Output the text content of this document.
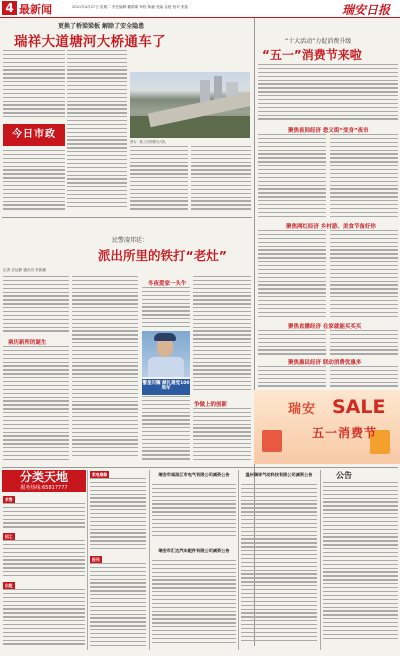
4 最新闻	2021年4月27日 星期二 责任编辑 戴群娣 审校 陈骊 美编 金艳 校对 张铭	瑞安日报
更换了桥梁梁板 解除了安全隐患
瑞祥大道塘河大桥通车了
图为：施工后的塘河大桥。
今日市政
民警凌邦廷：
派出所里的铁打“老灶”
记者 应达静 通讯员 李凯鹏
乘历新所的诞生
冬夜爱家一头牛
警星闪耀 献礼建党100周年
争做上的创新
“十大活动”力促消费升级
“五一”消费节来啦
聚焦夜间经济 您义街“变身”夜市
聚焦网红经济 乡村游、美食节备好你
聚焦直播经济 在家就能买买买
聚焦惠民经济 联动消费优惠多
瑞安 SALE
五一消费节
分类天地
服务热线:65817777
求售
招工
出租
家电维修
报刊
瑞安市南滨江市电气有限公司减资公告
瑞安市汇达汽车配件有限公司减资公告
温州瑞祥气动科技有限公司减资公告	公告
